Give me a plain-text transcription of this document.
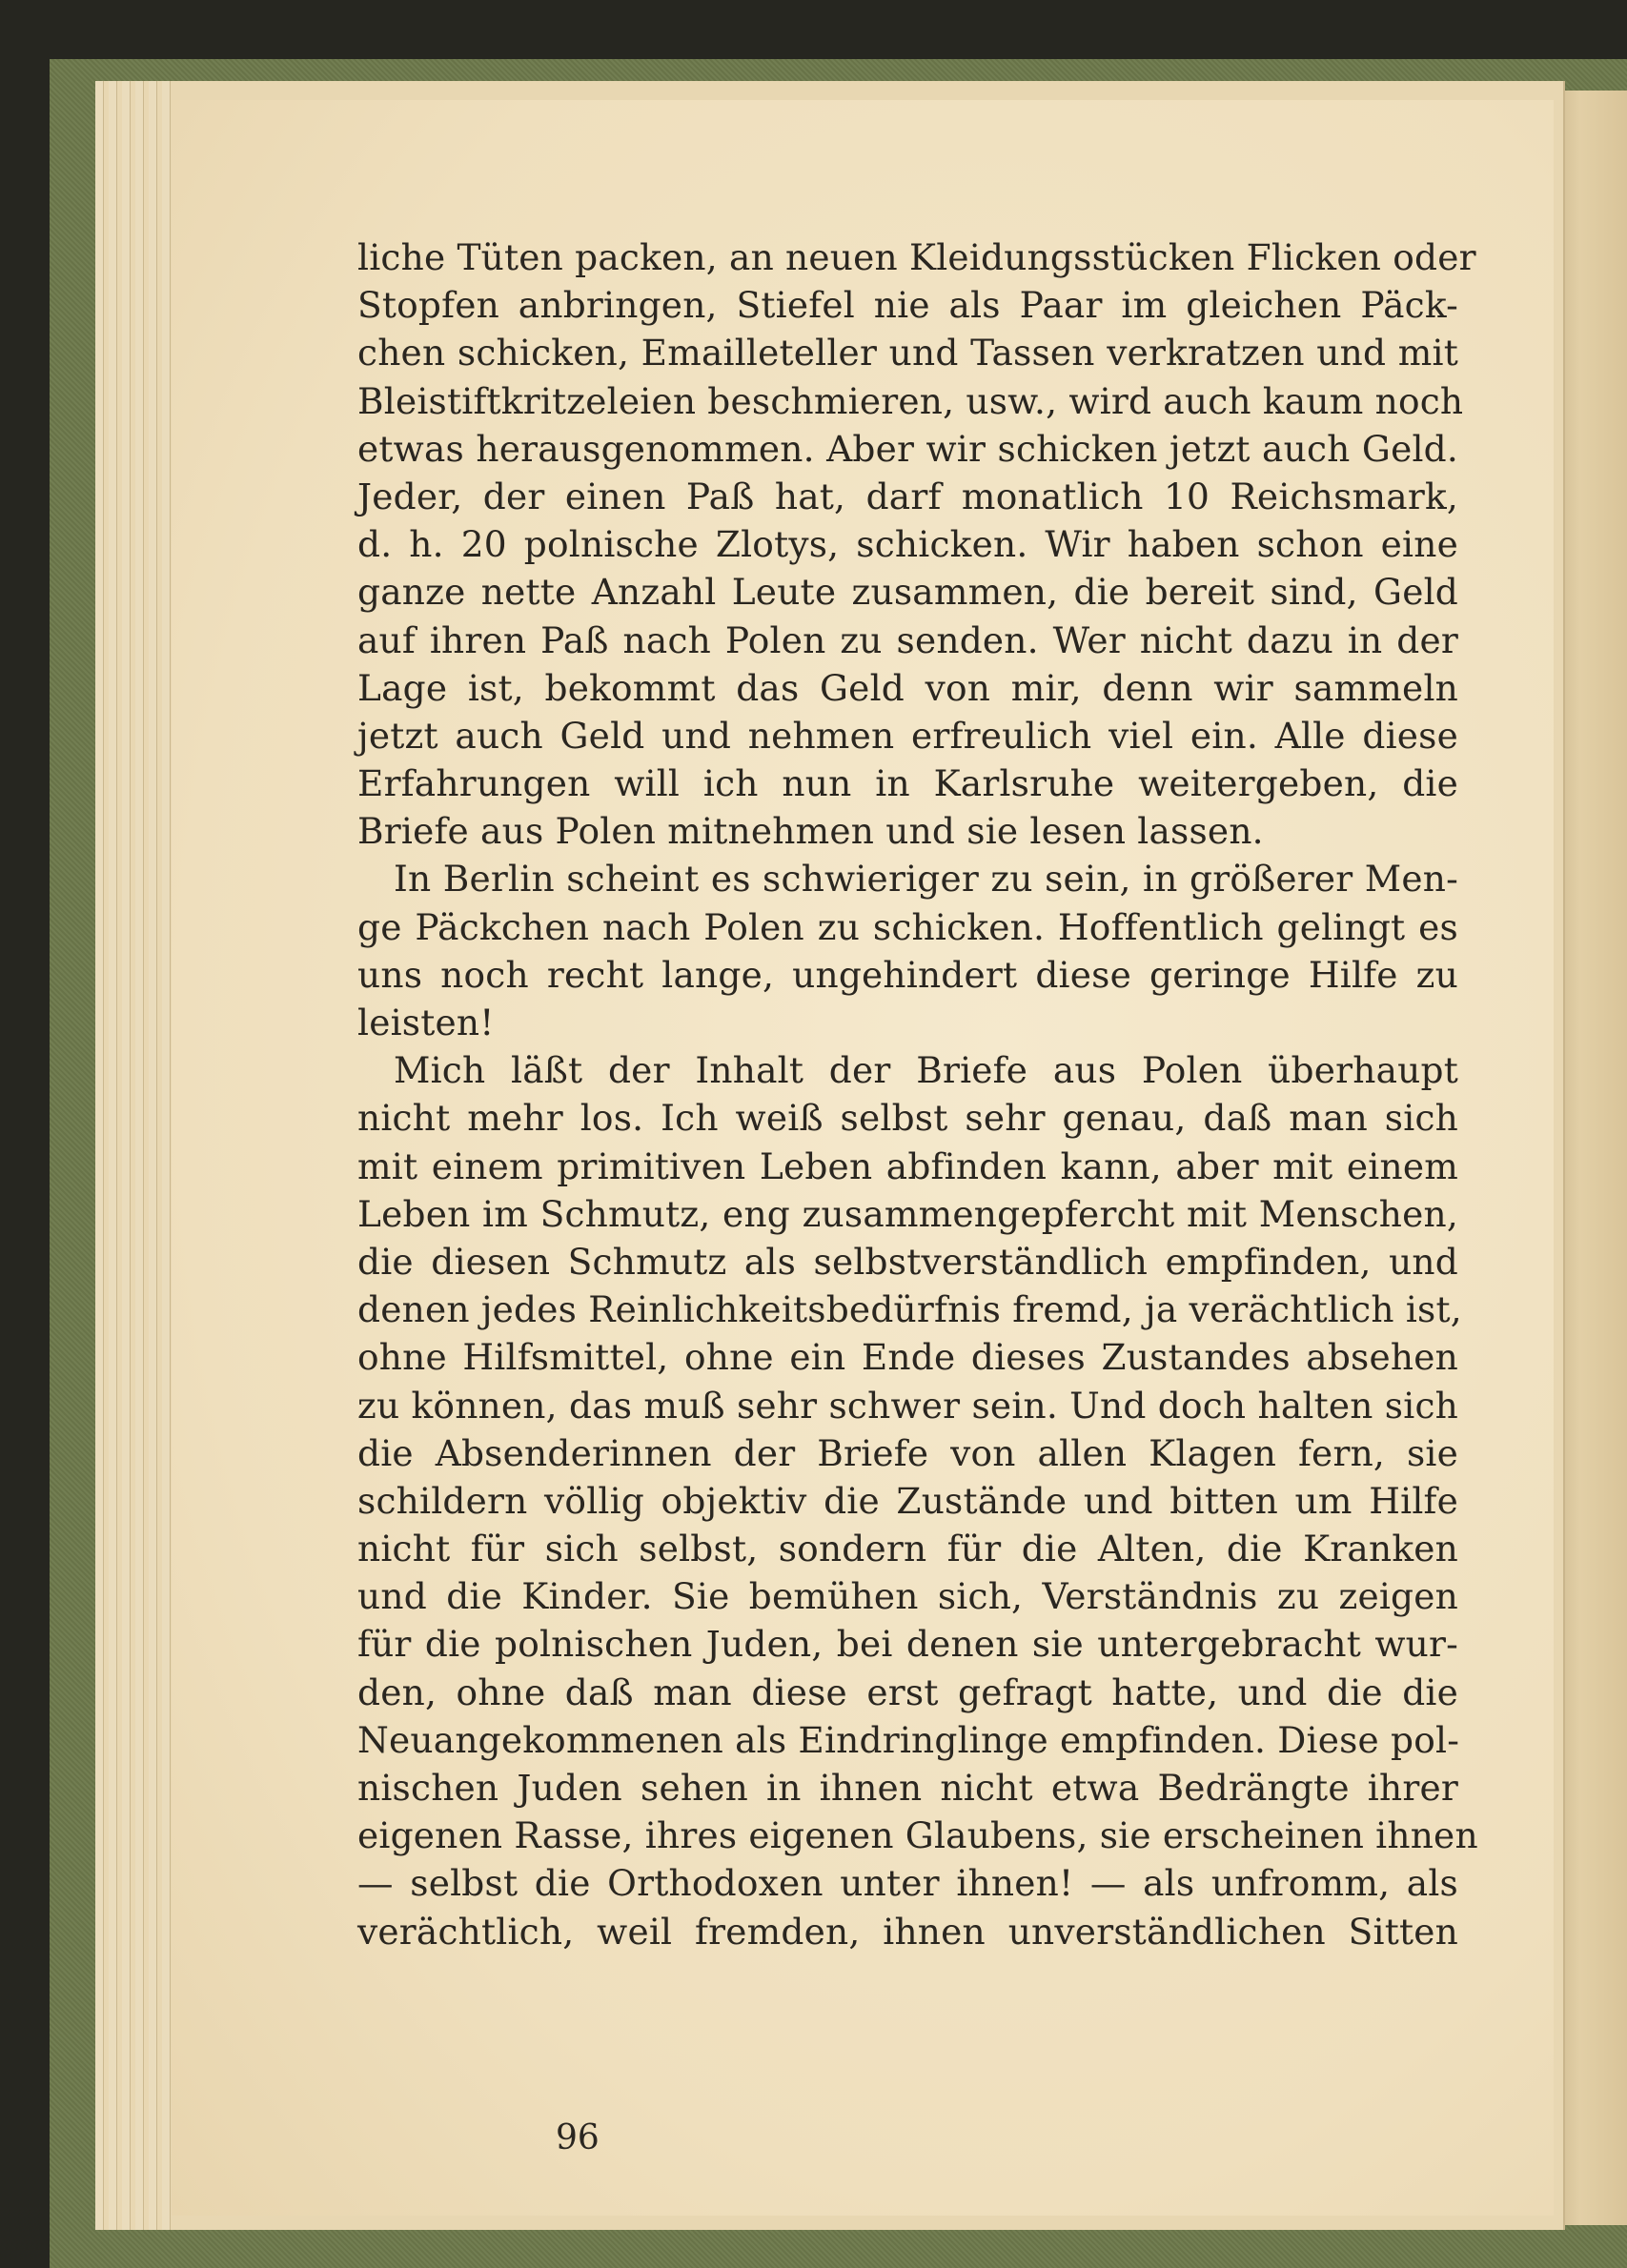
liche Tüten packen, an neuen Kleidungsstücken Flicken oder
Stopfen anbringen, Stiefel nie als Paar im gleichen Päck-
chen schicken, Emailleteller und Tassen verkratzen und mit
Bleistiftkritzeleien beschmieren, usw., wird auch kaum noch
etwas herausgenommen. Aber wir schicken jetzt auch Geld.
Jeder, der einen Paß hat, darf monatlich 10 Reichsmark,
d. h. 20 polnische Zlotys, schicken. Wir haben schon eine
ganze nette Anzahl Leute zusammen, die bereit sind, Geld
auf ihren Paß nach Polen zu senden. Wer nicht dazu in der
Lage ist, bekommt das Geld von mir, denn wir sammeln
jetzt auch Geld und nehmen erfreulich viel ein. Alle diese
Erfahrungen will ich nun in Karlsruhe weitergeben, die
Briefe aus Polen mitnehmen und sie lesen lassen.
In Berlin scheint es schwieriger zu sein, in größerer Men-
ge Päckchen nach Polen zu schicken. Hoffentlich gelingt es
uns noch recht lange, ungehindert diese geringe Hilfe zu
leisten!
Mich läßt der Inhalt der Briefe aus Polen überhaupt
nicht mehr los. Ich weiß selbst sehr genau, daß man sich
mit einem primitiven Leben abfinden kann, aber mit einem
Leben im Schmutz, eng zusammengepfercht mit Menschen,
die diesen Schmutz als selbstverständlich empfinden, und
denen jedes Reinlichkeitsbedürfnis fremd, ja verächtlich ist,
ohne Hilfsmittel, ohne ein Ende dieses Zustandes absehen
zu können, das muß sehr schwer sein. Und doch halten sich
die Absenderinnen der Briefe von allen Klagen fern, sie
schildern völlig objektiv die Zustände und bitten um Hilfe
nicht für sich selbst, sondern für die Alten, die Kranken
und die Kinder. Sie bemühen sich, Verständnis zu zeigen
für die polnischen Juden, bei denen sie untergebracht wur-
den, ohne daß man diese erst gefragt hatte, und die die
Neuangekommenen als Eindringlinge empfinden. Diese pol-
nischen Juden sehen in ihnen nicht etwa Bedrängte ihrer
eigenen Rasse, ihres eigenen Glaubens, sie erscheinen ihnen
— selbst die Orthodoxen unter ihnen! — als unfromm, als
verächtlich, weil fremden, ihnen unverständlichen Sitten
96
